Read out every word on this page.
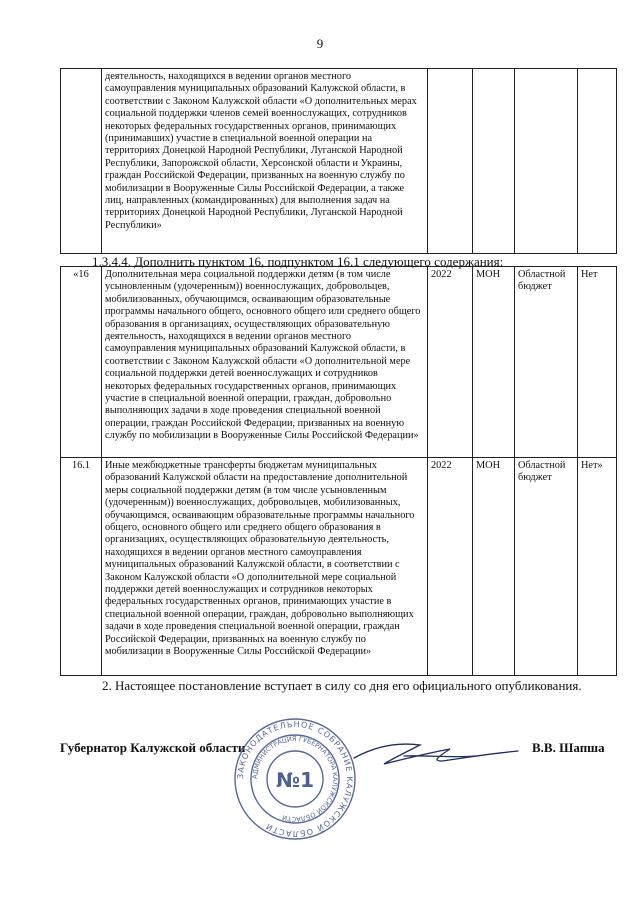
9
	деятельность, находящихся в ведении органов местного самоуправления муниципальных образований Калужской области, в соответствии с Законом Калужской области «О дополнительных мерах социальной поддержки членов семей военнослужащих, сотрудников некоторых федеральных государственных органов, принимающих (принимавших) участие в специальной военной операции на территориях Донецкой Народной Республики, Луганской Народной Республики, Запорожской области, Херсонской области и Украины, граждан Российской Федерации, призванных на военную службу по мобилизации в Вооруженные Силы Российской Федерации, а также лиц, направленных (командированных) для выполнения задач на территориях Донецкой Народной Республики, Луганской Народной Республики»				
1.3.4.4. Дополнить пунктом 16, подпунктом 16.1 следующего содержания:
«16	Дополнительная мера социальной поддержки детям (в том числе усыновленным (удочеренным)) военнослужащих, добровольцев, мобилизованных, обучающимся, осваивающим образовательные программы начального общего, основного общего или среднего общего образования в организациях, осуществляющих образовательную деятельность, находящихся в ведении органов местного самоуправления муниципальных образований Калужской области, в соответствии с Законом Калужской области «О дополнительной мере социальной поддержки детей военнослужащих и сотрудников некоторых федеральных государственных органов, принимающих участие в специальной военной операции, граждан, добровольно выполняющих задачи в ходе проведения специальной военной операции, граждан Российской Федерации, призванных на военную службу по мобилизации в Вооруженные Силы Российской Федерации»	2022	МОН	Областной бюджет	Нет
16.1	Иные межбюджетные трансферты бюджетам муниципальных образований Калужской области на предоставление дополнительной меры социальной поддержки детям (в том числе усыновленным (удочеренным)) военнослужащих, добровольцев, мобилизованных, обучающимся, осваивающим образовательные программы начального общего, основного общего или среднего общего образования в организациях, осуществляющих образовательную деятельность, находящихся в ведении органов местного самоуправления муниципальных образований Калужской области, в соответствии с Законом Калужской области «О дополнительной мере социальной поддержки детей военнослужащих и сотрудников некоторых федеральных государственных органов, принимающих участие в специальной военной операции, граждан, добровольно выполняющих задачи в ходе проведения специальной военной операции, граждан Российской Федерации, призванных на военную службу по мобилизации в Вооруженные Силы Российской Федерации»	2022	МОН	Областной бюджет	Нет»
2. Настоящее постановление вступает в силу со дня его официального опубликования.
Губернатор Калужской области	В.В. Шапша
ЗАКОНОДАТЕЛЬНОЕ СОБРАНИЕ КАЛУЖСКОЙ ОБЛАСТИ
АДМИНИСТРАЦИЯ ГУБЕРНАТОРА КАЛУЖСКОЙ ОБЛАСТИ
№1
